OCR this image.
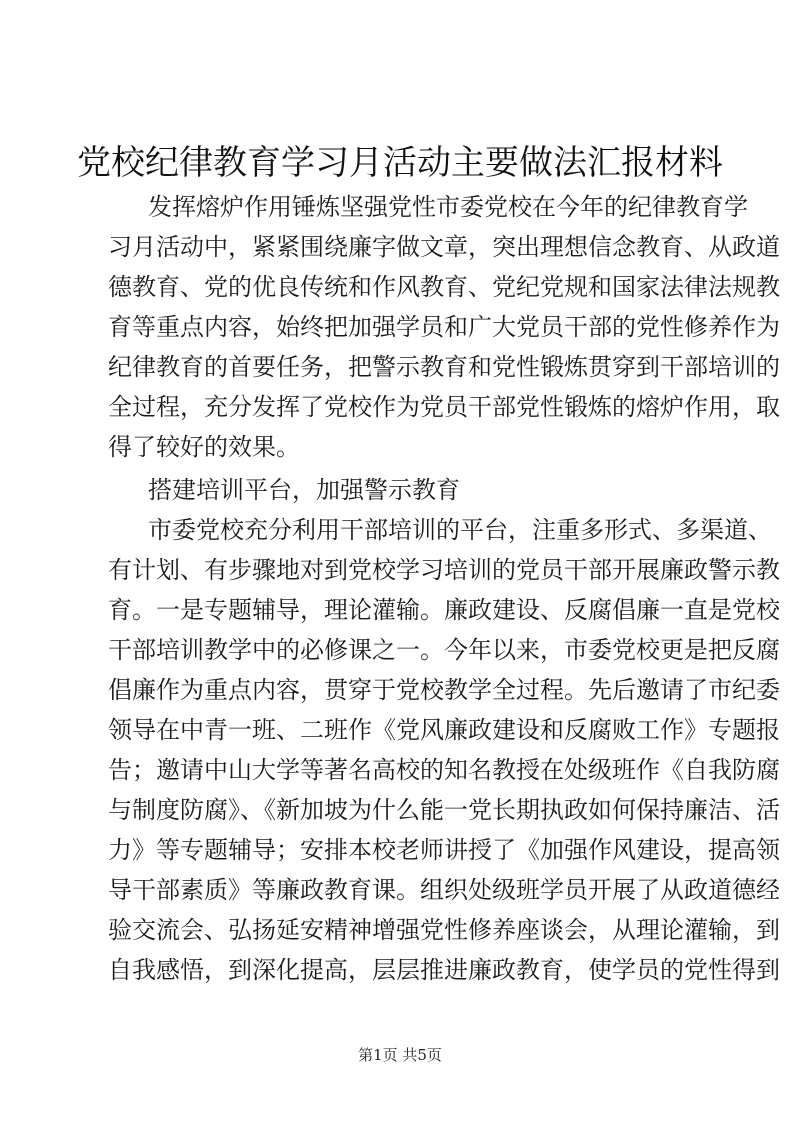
党校纪律教育学习月活动主要做法汇报材料
发挥熔炉作用锤炼坚强党性市委党校在今年的纪律教育学
习月活动中，紧紧围绕廉字做文章，突出理想信念教育、从政道
德教育、党的优良传统和作风教育、党纪党规和国家法律法规教
育等重点内容，始终把加强学员和广大党员干部的党性修养作为
纪律教育的首要任务，把警示教育和党性锻炼贯穿到干部培训的
全过程，充分发挥了党校作为党员干部党性锻炼的熔炉作用，取
得了较好的效果。
搭建培训平台，加强警示教育
市委党校充分利用干部培训的平台，注重多形式、多渠道、
有计划、有步骤地对到党校学习培训的党员干部开展廉政警示教
育。一是专题辅导，理论灌输。廉政建设、反腐倡廉一直是党校
干部培训教学中的必修课之一。今年以来，市委党校更是把反腐
倡廉作为重点内容，贯穿于党校教学全过程。先后邀请了市纪委
领导在中青一班、二班作《党风廉政建设和反腐败工作》专题报
告；邀请中山大学等著名高校的知名教授在处级班作《自我防腐
与制度防腐》、《新加坡为什么能一党长期执政如何保持廉洁、活
力》等专题辅导；安排本校老师讲授了《加强作风建设，提高领
导干部素质》等廉政教育课。组织处级班学员开展了从政道德经
验交流会、弘扬延安精神增强党性修养座谈会，从理论灌输，到
自我感悟，到深化提高，层层推进廉政教育，使学员的党性得到
第1页 共5页
